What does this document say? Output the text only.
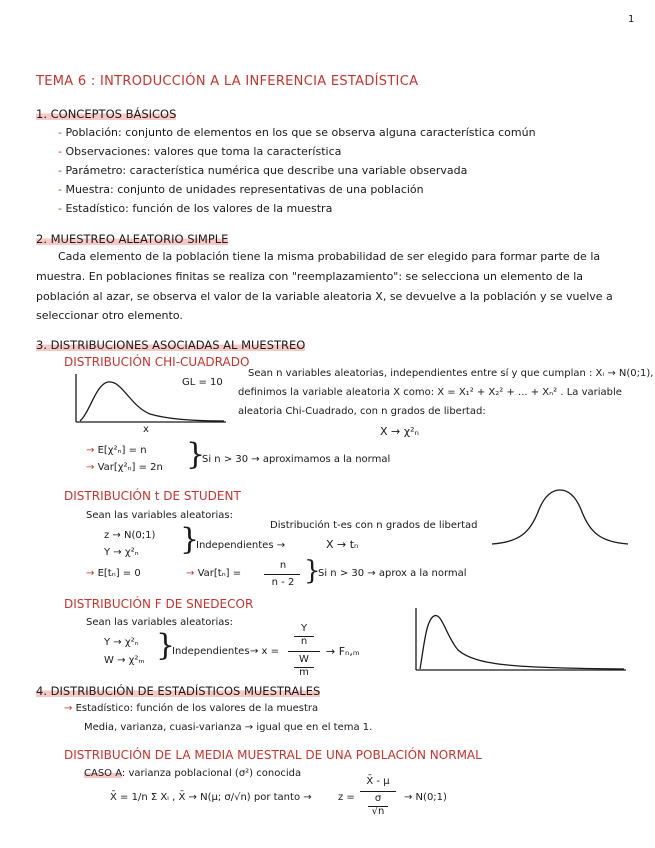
1
TEMA 6 : INTRODUCCIÓN A LA INFERENCIA ESTADÍSTICA
1. CONCEPTOS BÁSICOS
- Población: conjunto de elementos en los que se observa alguna característica común
- Observaciones: valores que toma la característica
- Parámetro: característica numérica que describe una variable observada
- Muestra: conjunto de unidades representativas de una población
- Estadístico: función de los valores de la muestra
2. MUESTREO ALEATORIO SIMPLE
Cada elemento de la población tiene la misma probabilidad de ser elegido para formar parte de la
muestra. En poblaciones finitas se realiza con "reemplazamiento": se selecciona un elemento de la
población al azar, se observa el valor de la variable aleatoria X, se devuelve a la población y se vuelve a
seleccionar otro elemento.
3. DISTRIBUCIONES ASOCIADAS AL MUESTREO
DISTRIBUCIÓN CHI-CUADRADO
GL = 10
x
Sean n variables aleatorias, independientes entre sí y que cumplan : Xᵢ → N(0;1),
definimos la variable aleatoria X como: X = X₁² + X₂² + ... + Xₙ² . La variable
aleatoria Chi-Cuadrado, con n grados de libertad:
X → χ²ₙ
→ E[χ²ₙ] = n
→ Var[χ²ₙ] = 2n }
Si n > 30 → aproximamos a la normal
DISTRIBUCIÓN t DE STUDENT
Sean las variables aleatorias:
z → N(0;1)
Y → χ²ₙ }
Independientes →
Distribución t-es con n grados de libertad
X → tₙ
→ E[tₙ] = 0	→ Var[tₙ] =
n
n - 2 }
Si n > 30 → aprox a la normal
DISTRIBUCIÓN F DE SNEDECOR
Sean las variables aleatorias:
Y → χ²ₙ
W → χ²ₘ }
Independientes → x =
Y
n
W
m
→ Fₙ,ₘ
4. DISTRIBUCIÓN DE ESTADÍSTICOS MUESTRALES
→ Estadístico: función de los valores de la muestra
Media, varianza, cuasi-varianza → igual que en el tema 1.
DISTRIBUCIÓN DE LA MEDIA MUESTRAL DE UNA POBLACIÓN NORMAL
CASO A: varianza poblacional (σ²) conocida
X̄ = 1/n Σ Xᵢ , X̄ → N(μ; σ/√n) por tanto →	z =
X̄ - μ
σ
√n
→ N(0;1)
